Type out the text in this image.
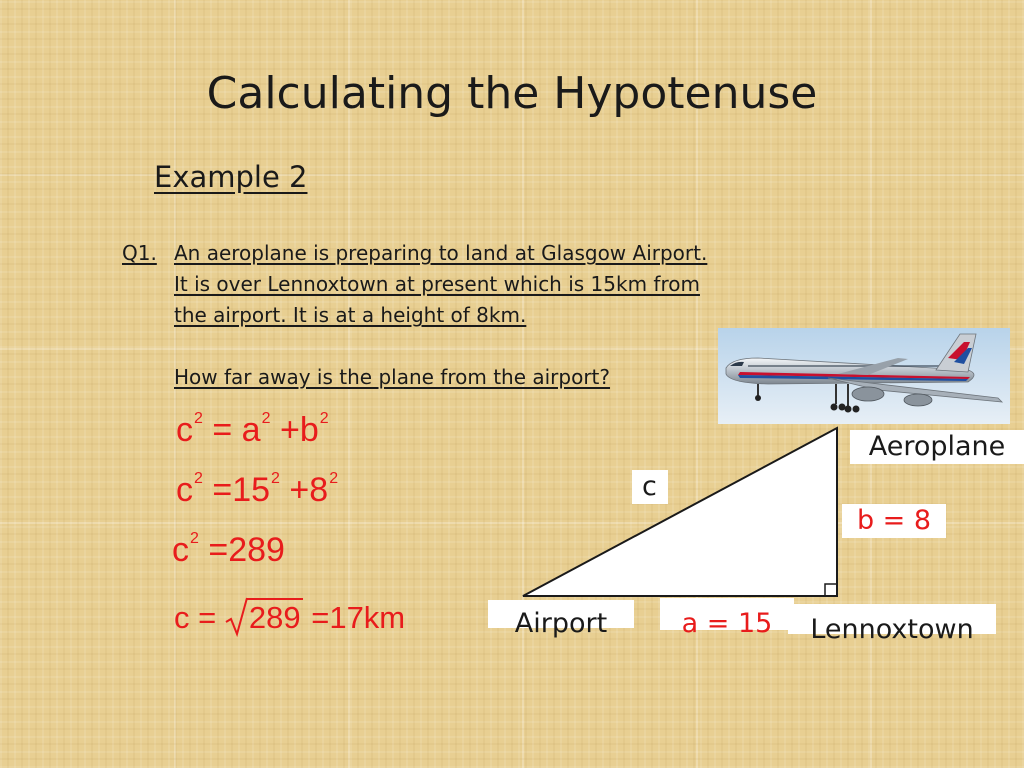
Calculating the Hypotenuse
Example 2
Q1. An aeroplane is preparing to land at Glasgow Airport.
It is over Lennoxtown at present which is 15km from
the airport. It is at a height of 8km.
How far away is the plane from the airport?
$c^2 = a^2 +b^2$
$c^2 =15^2 +8^2$
$c^2 =289$
c = 289 =17km
Aeroplane
c
b = 8
Airport	a = 15	Lennoxtown
